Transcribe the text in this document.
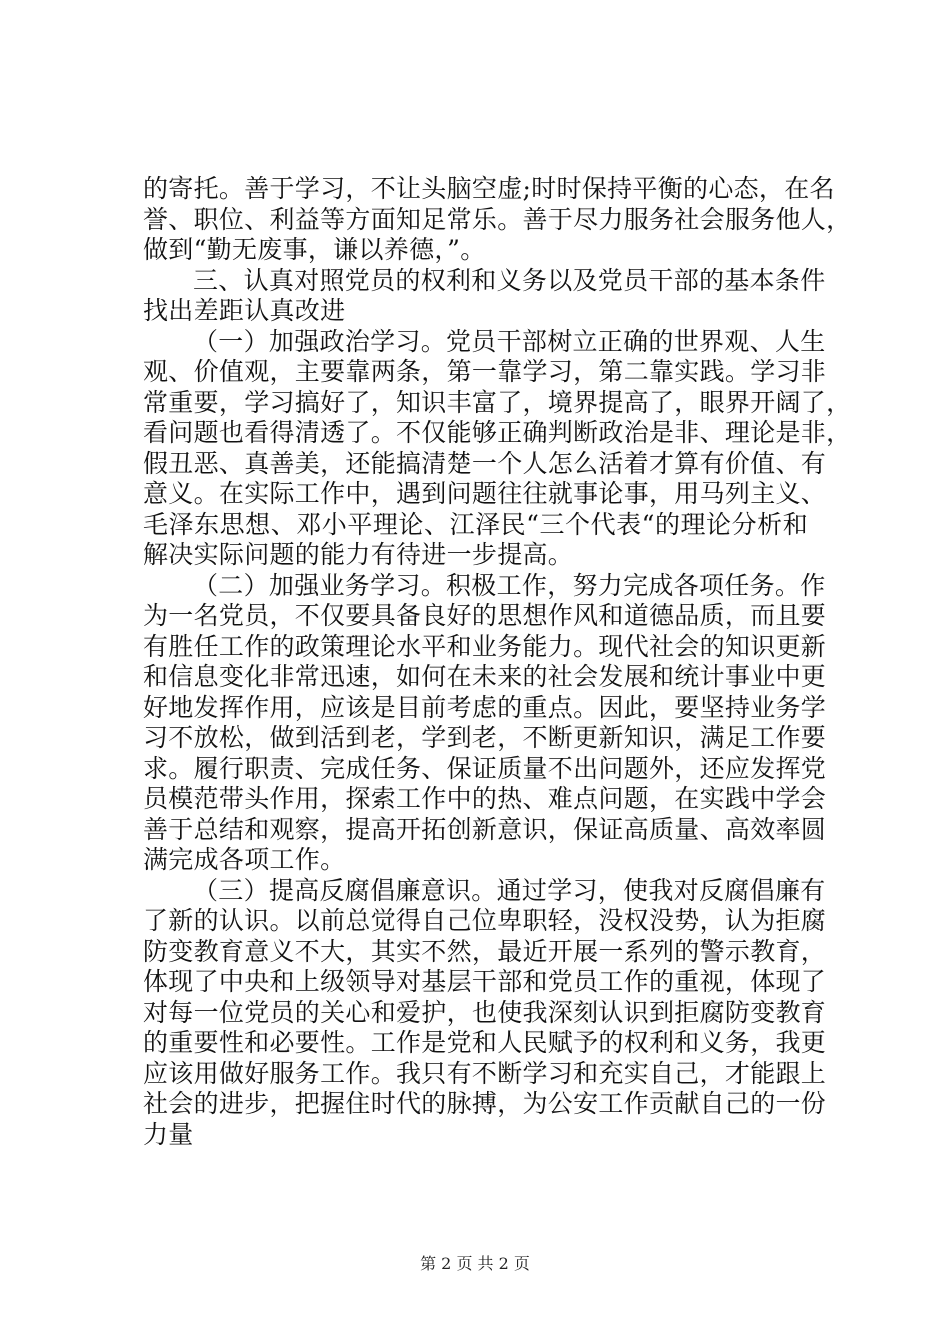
的寄托。善于学习，不让头脑空虚;时时保持平衡的心态，在名
誉、职位、利益等方面知足常乐。善于尽力服务社会服务他人，
做到“勤无废事，谦以养德，”。
三、认真对照党员的权利和义务以及党员干部的基本条件
找出差距认真改进
（一）加强政治学习。党员干部树立正确的世界观、人生
观、价值观，主要靠两条，第一靠学习，第二靠实践。学习非
常重要，学习搞好了，知识丰富了，境界提高了，眼界开阔了，
看问题也看得清透了。不仅能够正确判断政治是非、理论是非，
假丑恶、真善美，还能搞清楚一个人怎么活着才算有价值、有
意义。在实际工作中，遇到问题往往就事论事，用马列主义、
毛泽东思想、邓小平理论、江泽民“三个代表“的理论分析和
解决实际问题的能力有待进一步提高。
（二）加强业务学习。积极工作，努力完成各项任务。作
为一名党员，不仅要具备良好的思想作风和道德品质，而且要
有胜任工作的政策理论水平和业务能力。现代社会的知识更新
和信息变化非常迅速，如何在未来的社会发展和统计事业中更
好地发挥作用，应该是目前考虑的重点。因此，要坚持业务学
习不放松，做到活到老，学到老，不断更新知识，满足工作要
求。履行职责、完成任务、保证质量不出问题外，还应发挥党
员模范带头作用，探索工作中的热、难点问题，在实践中学会
善于总结和观察，提高开拓创新意识，保证高质量、高效率圆
满完成各项工作。
（三）提高反腐倡廉意识。通过学习，使我对反腐倡廉有
了新的认识。以前总觉得自己位卑职轻，没权没势，认为拒腐
防变教育意义不大，其实不然，最近开展一系列的警示教育，
体现了中央和上级领导对基层干部和党员工作的重视，体现了
对每一位党员的关心和爱护，也使我深刻认识到拒腐防变教育
的重要性和必要性。工作是党和人民赋予的权利和义务，我更
应该用做好服务工作。我只有不断学习和充实自己，才能跟上
社会的进步，把握住时代的脉搏，为公安工作贡献自己的一份
力量
第 2 页 共 2 页
